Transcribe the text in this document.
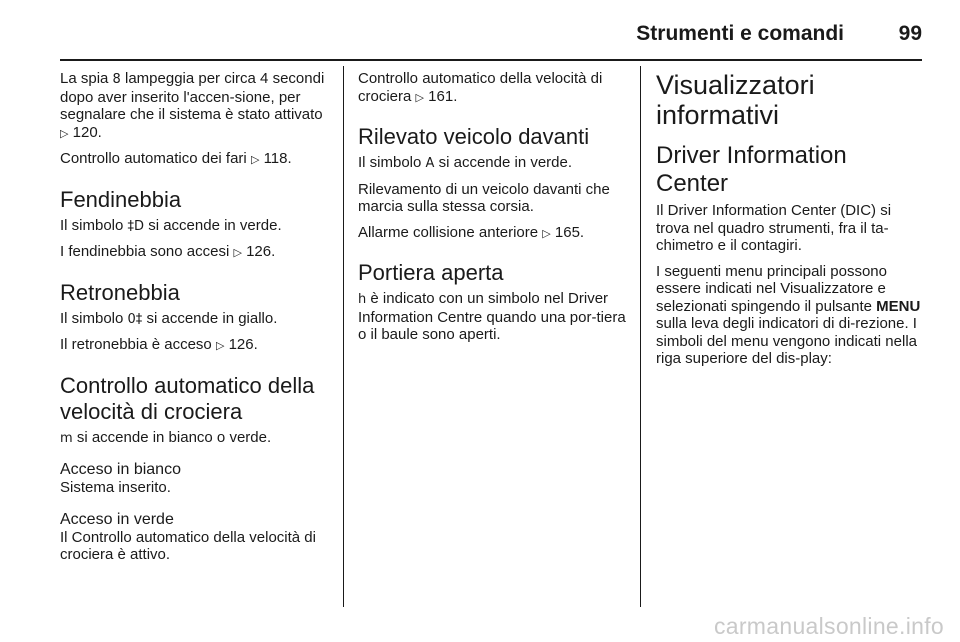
Strumenti e comandi	99

La spia 8 lampeggia per circa 4 secondi dopo aver inserito l'accen-sione, per segnalare che il sistema è stato attivato ▷ 120.

Controllo automatico dei fari ▷ 118.

Fendinebbia

Il simbolo ‡D si accende in verde.

I fendinebbia sono accesi ▷ 126.

Retronebbia

Il simbolo 0‡ si accende in giallo.

Il retronebbia è acceso ▷ 126.

Controllo automatico della velocità di crociera

m si accende in bianco o verde.

Acceso in bianco

Sistema inserito.

Acceso in verde

Il Controllo automatico della velocità di crociera è attivo.

Controllo automatico della velocità di crociera ▷ 161.

Rilevato veicolo davanti

Il simbolo A si accende in verde.

Rilevamento di un veicolo davanti che marcia sulla stessa corsia.

Allarme collisione anteriore ▷ 165.

Portiera aperta

h è indicato con un simbolo nel Driver Information Centre quando una por-tiera o il baule sono aperti.

Visualizzatori informativi
Driver Information Center

Il Driver Information Center (DIC) si trova nel quadro strumenti, fra il ta-chimetro e il contagiri.

I seguenti menu principali possono essere indicati nel Visualizzatore e selezionati spingendo il pulsante MENU sulla leva degli indicatori di di-rezione. I simboli del menu vengono indicati nella riga superiore del dis-play:

carmanualsonline.info
